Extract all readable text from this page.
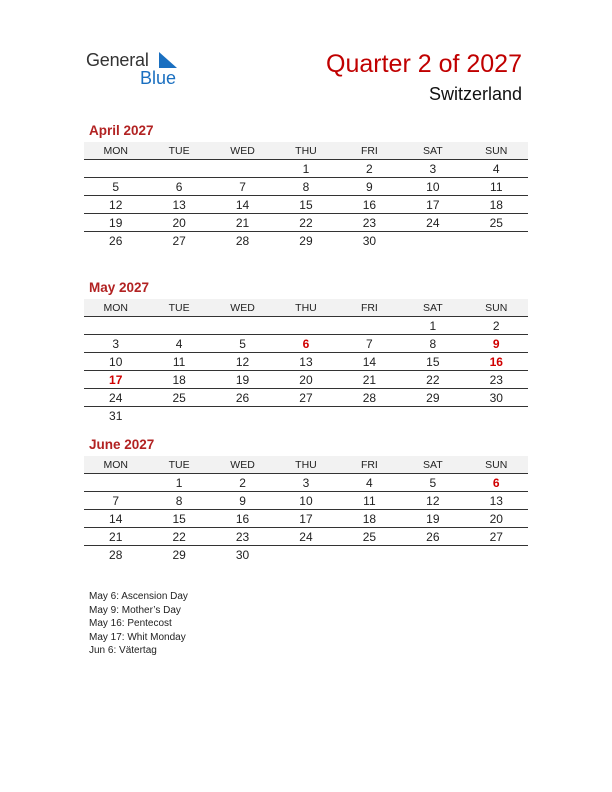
General
Blue	Quarter 2 of 2027
Switzerland
April 2027
MON	TUE	WED	THU	FRI	SAT	SUN
			1	2	3	4
5	6	7	8	9	10	11
12	13	14	15	16	17	18
19	20	21	22	23	24	25
26	27	28	29	30		
May 2027
MON	TUE	WED	THU	FRI	SAT	SUN
					1	2
3	4	5	6	7	8	9
10	11	12	13	14	15	16
17	18	19	20	21	22	23
24	25	26	27	28	29	30
31						
June 2027
MON	TUE	WED	THU	FRI	SAT	SUN
	1	2	3	4	5	6
7	8	9	10	11	12	13
14	15	16	17	18	19	20
21	22	23	24	25	26	27
28	29	30				
May 6: Ascension Day
May 9: Mother’s Day
May 16: Pentecost
May 17: Whit Monday
Jun 6: Vätertag
